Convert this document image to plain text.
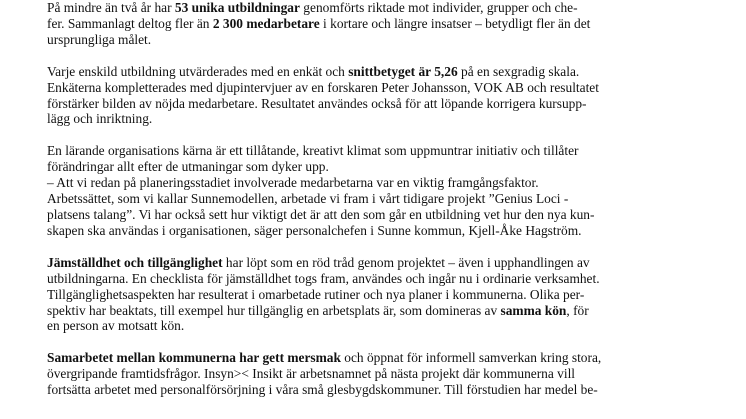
På mindre än två år har 53 unika utbildningar genomförts riktade mot individer, grupper och che-
fer. Sammanlagt deltog fler än 2 300 medarbetare i kortare och längre insatser – betydligt fler än det
ursprungliga målet.

Varje enskild utbildning utvärderades med en enkät och snittbetyget är 5,26 på en sexgradig skala.
Enkäterna kompletterades med djupintervjuer av en forskaren Peter Johansson, VOK AB och resultatet
förstärker bilden av nöjda medarbetare. Resultatet användes också för att löpande korrigera kursupp-
lägg och inriktning.

En lärande organisations kärna är ett tillåtande, kreativt klimat som uppmuntrar initiativ och tillåter
förändringar allt efter de utmaningar som dyker upp.
– Att vi redan på planeringsstadiet involverade medarbetarna var en viktig framgångsfaktor.
Arbetssättet, som vi kallar Sunnemodellen, arbetade vi fram i vårt tidigare projekt ”Genius Loci -
platsens talang”. Vi har också sett hur viktigt det är att den som går en utbildning vet hur den nya kun-
skapen ska användas i organisationen, säger personalchefen i Sunne kommun, Kjell-Åke Hagström.

Jämställdhet och tillgänglighet har löpt som en röd tråd genom projektet – även i upphandlingen av
utbildningarna. En checklista för jämställdhet togs fram, användes och ingår nu i ordinarie verksamhet.
Tillgänglighetsaspekten har resulterat i omarbetade rutiner och nya planer i kommunerna. Olika per-
spektiv har beaktats, till exempel hur tillgänglig en arbetsplats är, som domineras av samma kön, för
en person av motsatt kön.

Samarbetet mellan kommunerna har gett mersmak och öppnat för informell samverkan kring stora,
övergripande framtidsfrågor. Insyn>< Insikt är arbetsnamnet på nästa projekt där kommunerna vill
fortsätta arbetet med personalförsörjning i våra små glesbygdskommuner. Till förstudien har medel be-
